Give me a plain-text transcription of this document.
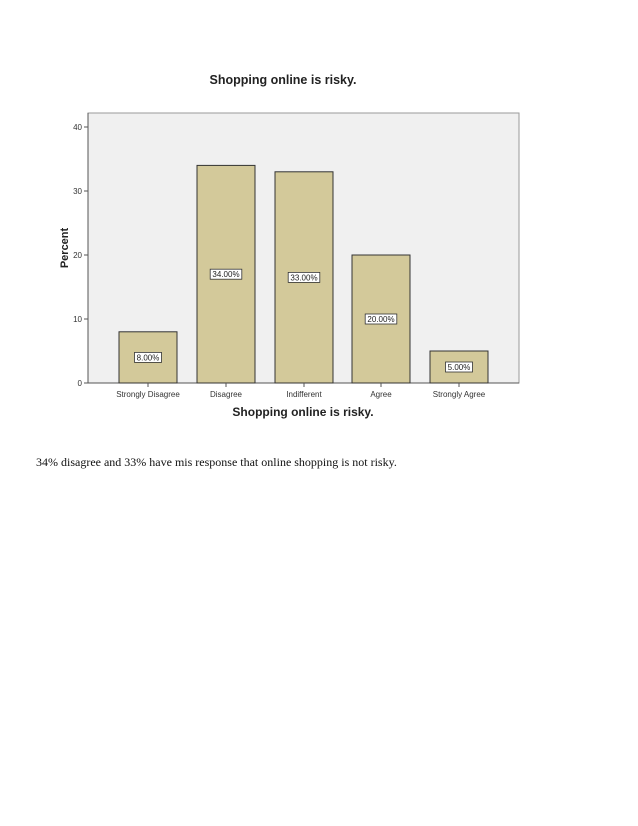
Shopping online is risky.
0
10
20
30
40
8.00%
34.00%	33.00%
20.00%
5.00%
Strongly Disagree	Disagree	Indifferent	Agree	Strongly Agree
Percent
Shopping online is risky.
34% disagree and 33% have mis response that online shopping is not risky.
